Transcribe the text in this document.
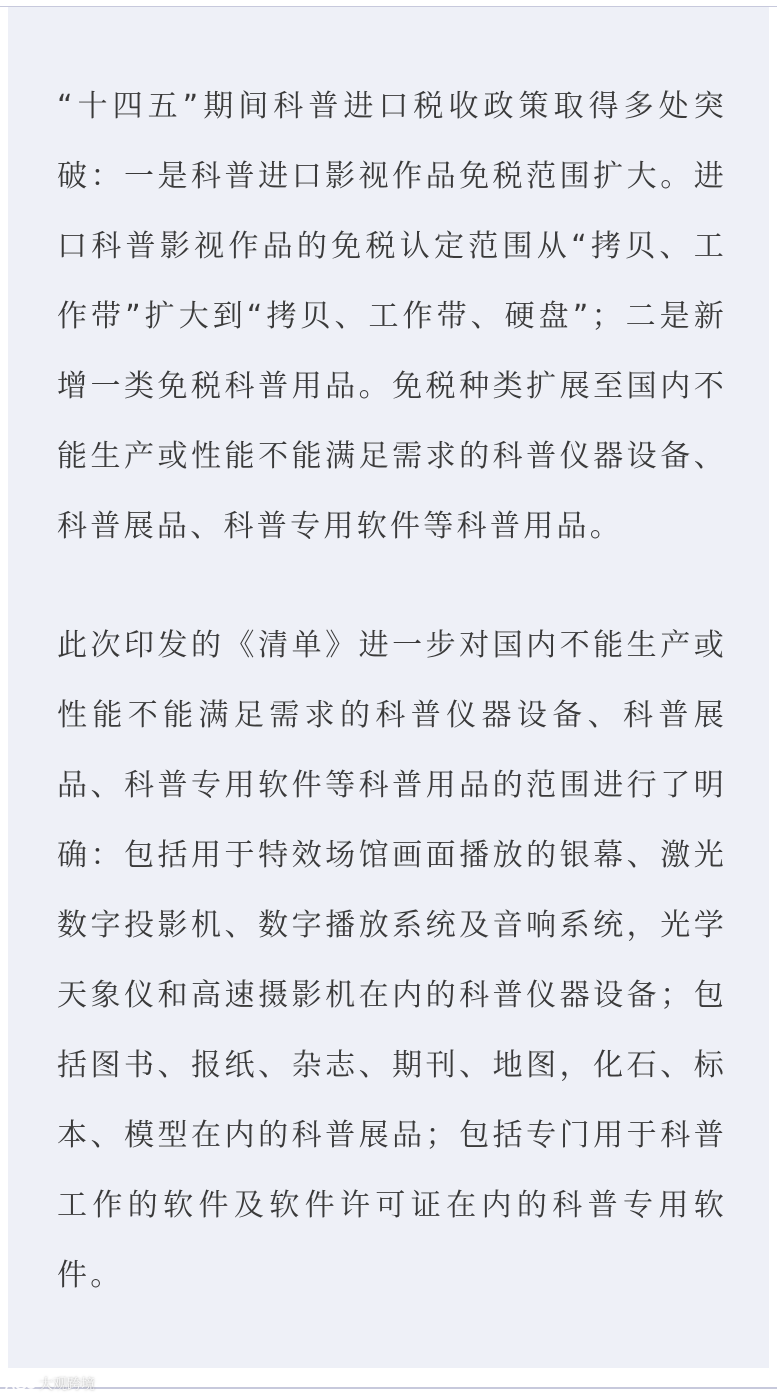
“十四五”期间科普进口税收政策取得多处突破：一是科普进口影视作品免税范围扩大。进口科普影视作品的免税认定范围从“拷贝、工作带”扩大到“拷贝、工作带、硬盘”；二是新增一类免税科普用品。免税种类扩展至国内不能生产或性能不能满足需求的科普仪器设备、科普展品、科普专用软件等科普用品。

此次印发的《清单》进一步对国内不能生产或性能不能满足需求的科普仪器设备、科普展品、科普专用软件等科普用品的范围进行了明确：包括用于特效场馆画面播放的银幕、激光数字投影机、数字播放系统及音响系统，光学天象仪和高速摄影机在内的科普仪器设备；包括图书、报纸、杂志、期刊、地图，化石、标本、模型在内的科普展品；包括专门用于科普工作的软件及软件许可证在内的科普专用软件。

大观跨境
